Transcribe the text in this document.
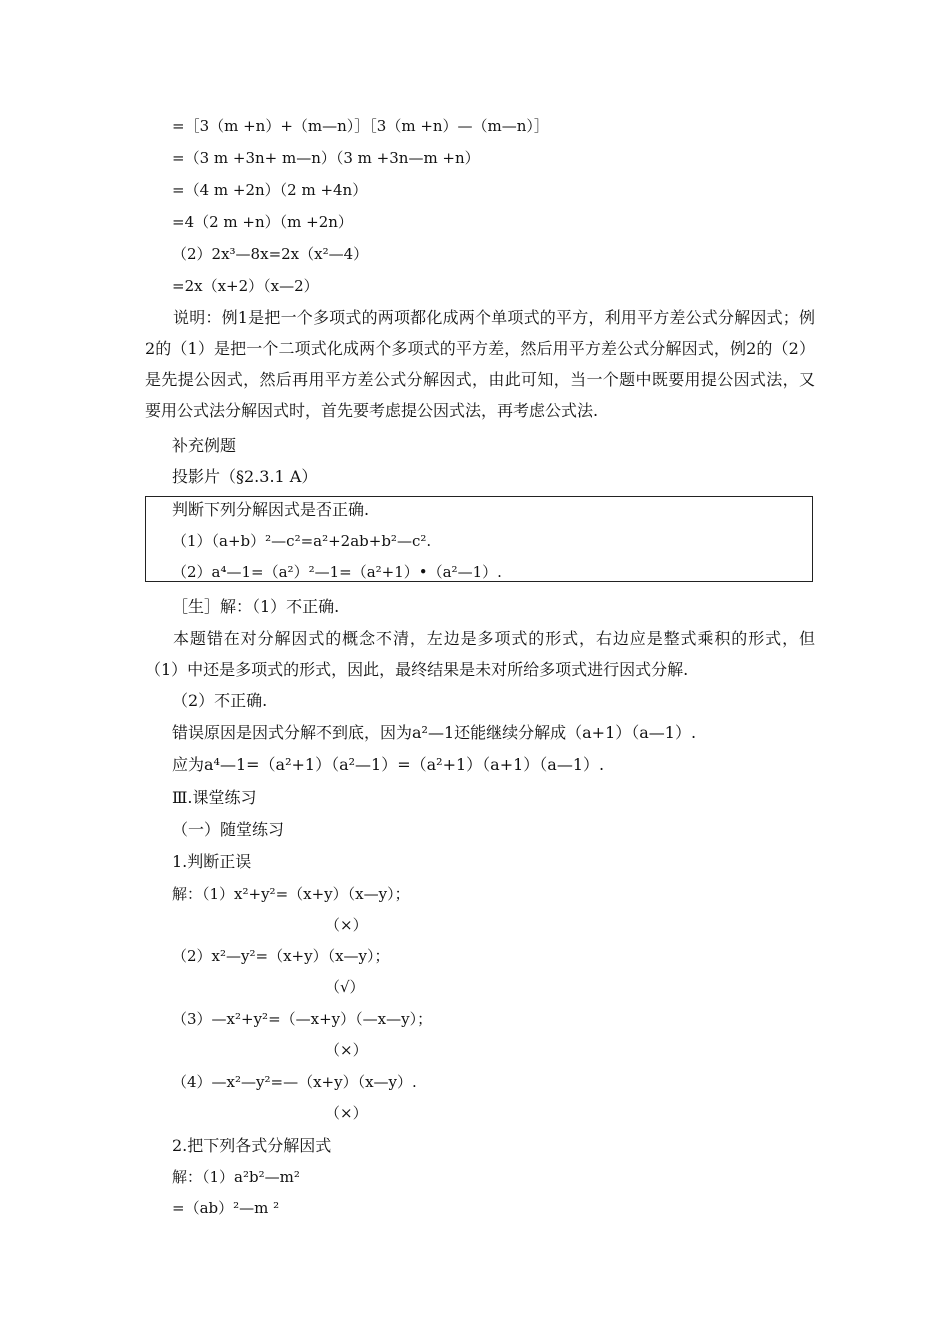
=［3（m +n）+（m—n）］［3（m +n）—（m—n）］
=（3 m +3n+ m—n）（3 m +3n—m +n）
=（4 m +2n）（2 m +4n）
=4（2 m +n）（m +2n）
（2）2x³—8x=2x（x²—4）
=2x（x+2）（x—2）
说明：例1是把一个多项式的两项都化成两个单项式的平方，利用平方差公式分解因式；例2的（1）是把一个二项式化成两个多项式的平方差，然后用平方差公式分解因式，例2的（2）是先提公因式，然后再用平方差公式分解因式，由此可知，当一个题中既要用提公因式法，又要用公式法分解因式时，首先要考虑提公因式法，再考虑公式法.
补充例题
投影片（§2.3.1 A）
判断下列分解因式是否正确.
（1）（a+b）²—c²=a²+2ab+b²—c².
（2）a⁴—1=（a²）²—1=（a²+1）•（a²—1）.
［生］解：（1）不正确.
本题错在对分解因式的概念不清，左边是多项式的形式，右边应是整式乘积的形式，但（1）中还是多项式的形式，因此，最终结果是未对所给多项式进行因式分解.
（2）不正确.
错误原因是因式分解不到底，因为a²—1还能继续分解成（a+1）（a—1）.
应为a⁴—1=（a²+1）（a²—1）=（a²+1）（a+1）（a—1）.
Ⅲ.课堂练习
（一）随堂练习
1.判断正误
解：（1）x²+y²=（x+y）（x—y）；
（×）
（2）x²—y²=（x+y）（x—y）；
（√）
（3）—x²+y²=（—x+y）（—x—y）；
（×）
（4）—x²—y²=—（x+y）（x—y）.
（×）
2.把下列各式分解因式
解：（1）a²b²—m²
=（ab）²—m ²
